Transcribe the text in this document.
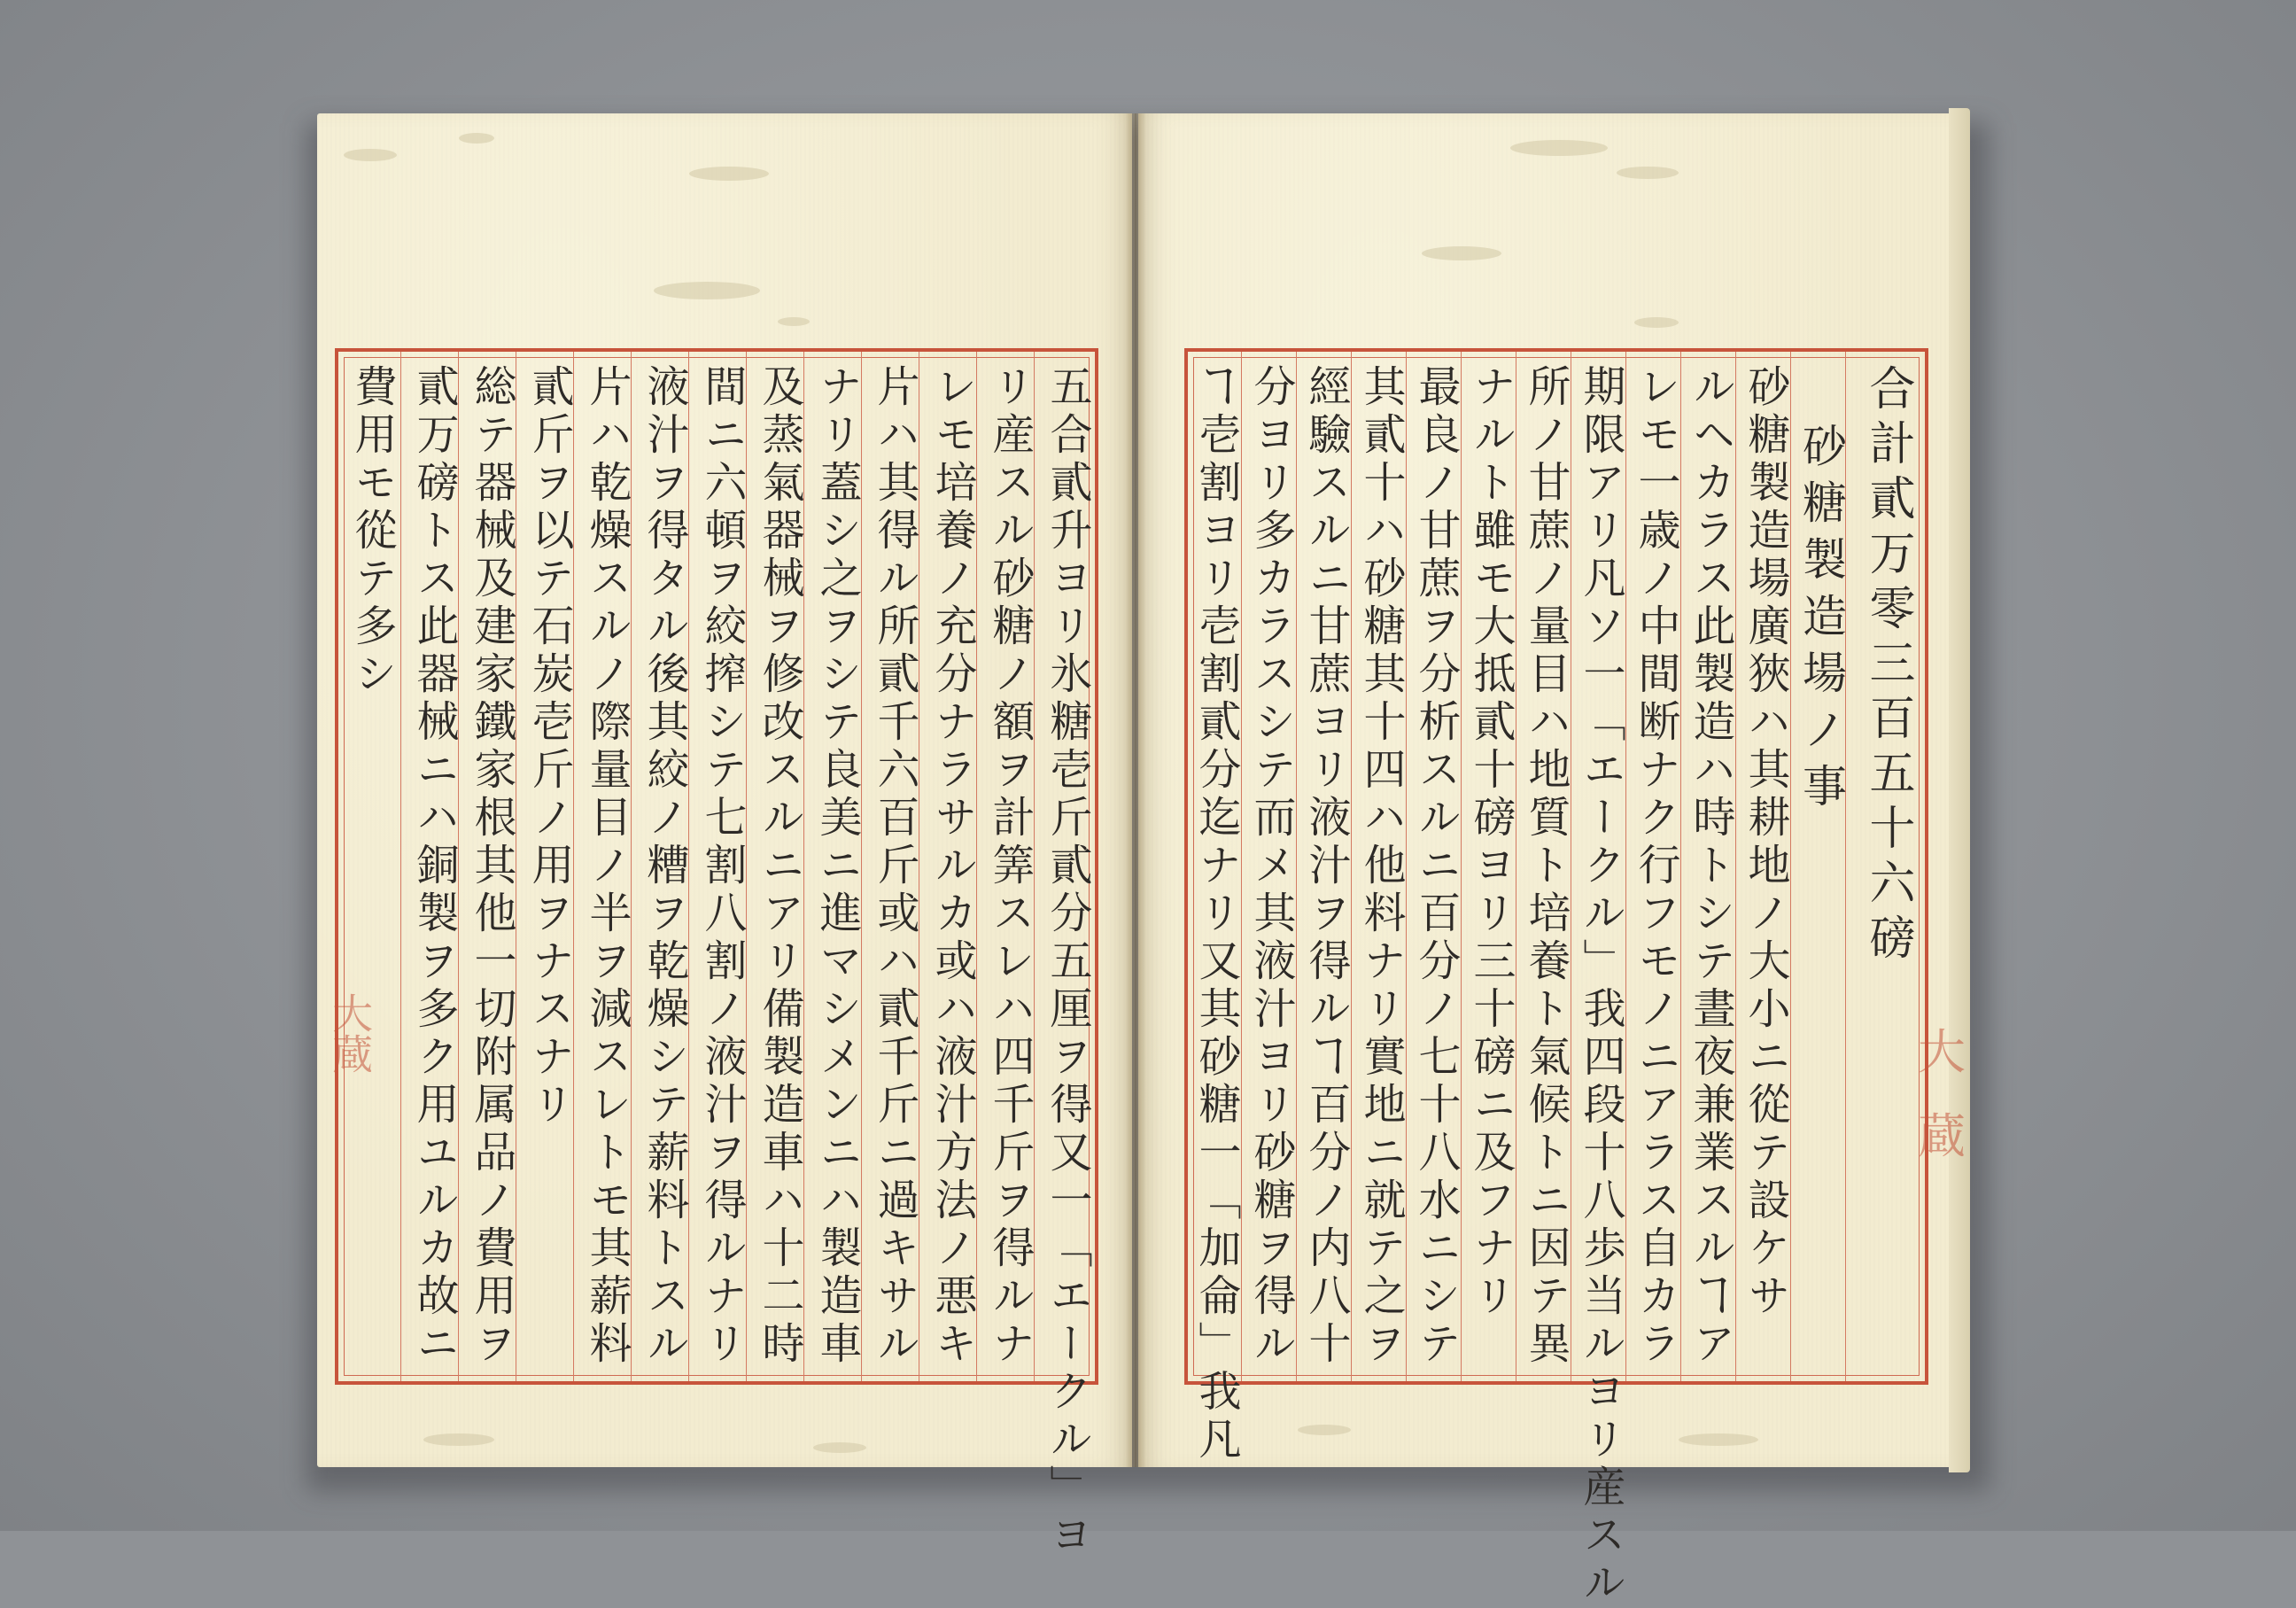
五合貳升ヨリ氷糖壱斤貳分五厘ヲ得又一「エークル」ヨ
リ産スル砂糖ノ額ヲ計筭スレハ四千斤ヲ得ルナ
レモ培養ノ充分ナラサルカ或ハ液汁方法ノ悪キ
片ハ其得ル所貳千六百斤或ハ貳千斤ニ過キサル
ナリ蓋シ之ヲシテ良美ニ進マシメンニハ製造車
及蒸氣器械ヲ修改スルニアリ備製造車ハ十二時
間ニ六頓ヲ絞搾シテ七割八割ノ液汁ヲ得ルナリ
液汁ヲ得タル後其絞ノ糟ヲ乾燥シテ薪料トスル
片ハ乾燥スルノ際量目ノ半ヲ減スレトモ其薪料
貳斤ヲ以テ石炭壱斤ノ用ヲナスナリ
総テ器械及建家鐵家根其他一切附属品ノ費用ヲ
貳万磅トス此器械ニハ銅製ヲ多ク用ユルカ故ニ
費用モ從テ多シ	合計貳万零三百五十六磅
砂糖製造場ノ事
砂糖製造場廣狹ハ其耕地ノ大小ニ從テ設ケサ
ルヘカラス此製造ハ時トシテ晝夜兼業スルヿア
レモ一歳ノ中間断ナク行フモノニアラス自カラ
期限アリ凡ソ一「エークル」我四段十八歩当ルヨリ産スル
所ノ甘蔗ノ量目ハ地質ト培養ト氣候トニ因テ異
ナルト雖モ大抵貳十磅ヨリ三十磅ニ及フナリ
最良ノ甘蔗ヲ分析スルニ百分ノ七十八水ニシテ
其貳十ハ砂糖其十四ハ他料ナリ實地ニ就テ之ヲ
經驗スルニ甘蔗ヨリ液汁ヲ得ルヿ百分ノ内八十
分ヨリ多カラスシテ而メ其液汁ヨリ砂糖ヲ得ル
ヿ壱割ヨリ壱割貳分迄ナリ又其砂糖一「加侖」我凡	大
蔵
大蔵
